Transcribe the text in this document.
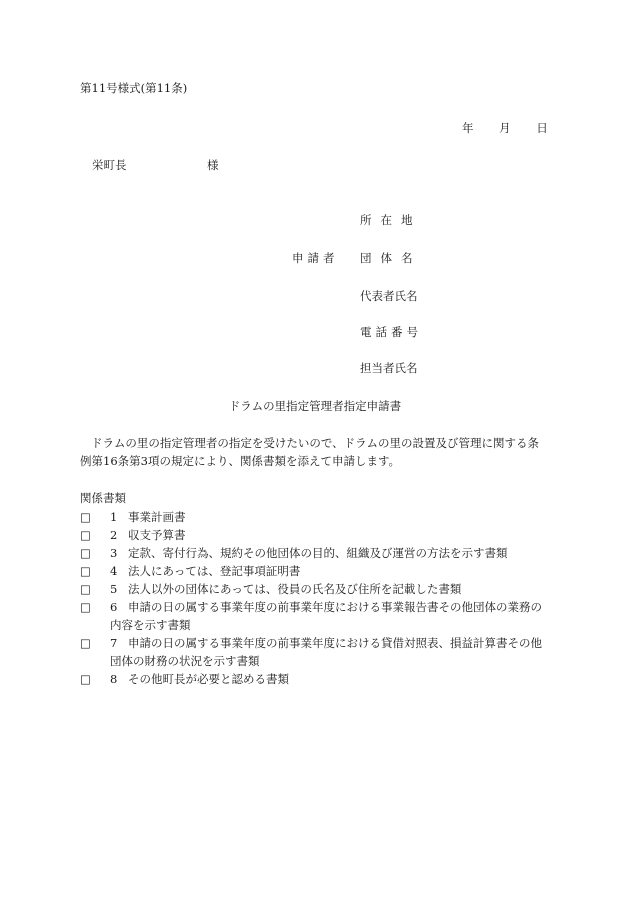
第11号様式(第11条)
年 月 日
栄町長	様
申請者
所在地
団体名
代表者氏名
電話番号
担当者氏名
ドラムの里指定管理者指定申請書
ドラムの里の指定管理者の指定を受けたいので、ドラムの里の設置及び管理に関する条例第16条第3項の規定により、関係書類を添えて申請します。
関係書類
□ 1 事業計画書
□ 2 収支予算書
□ 3 定款、寄付行為、規約その他団体の目的、組織及び運営の方法を示す書類
□ 4 法人にあっては、登記事項証明書
□ 5 法人以外の団体にあっては、役員の氏名及び住所を記載した書類
□ 6 申請の日の属する事業年度の前事業年度における事業報告書その他団体の業務の
内容を示す書類
□ 7 申請の日の属する事業年度の前事業年度における貸借対照表、損益計算書その他
団体の財務の状況を示す書類
□ 8 その他町長が必要と認める書類
